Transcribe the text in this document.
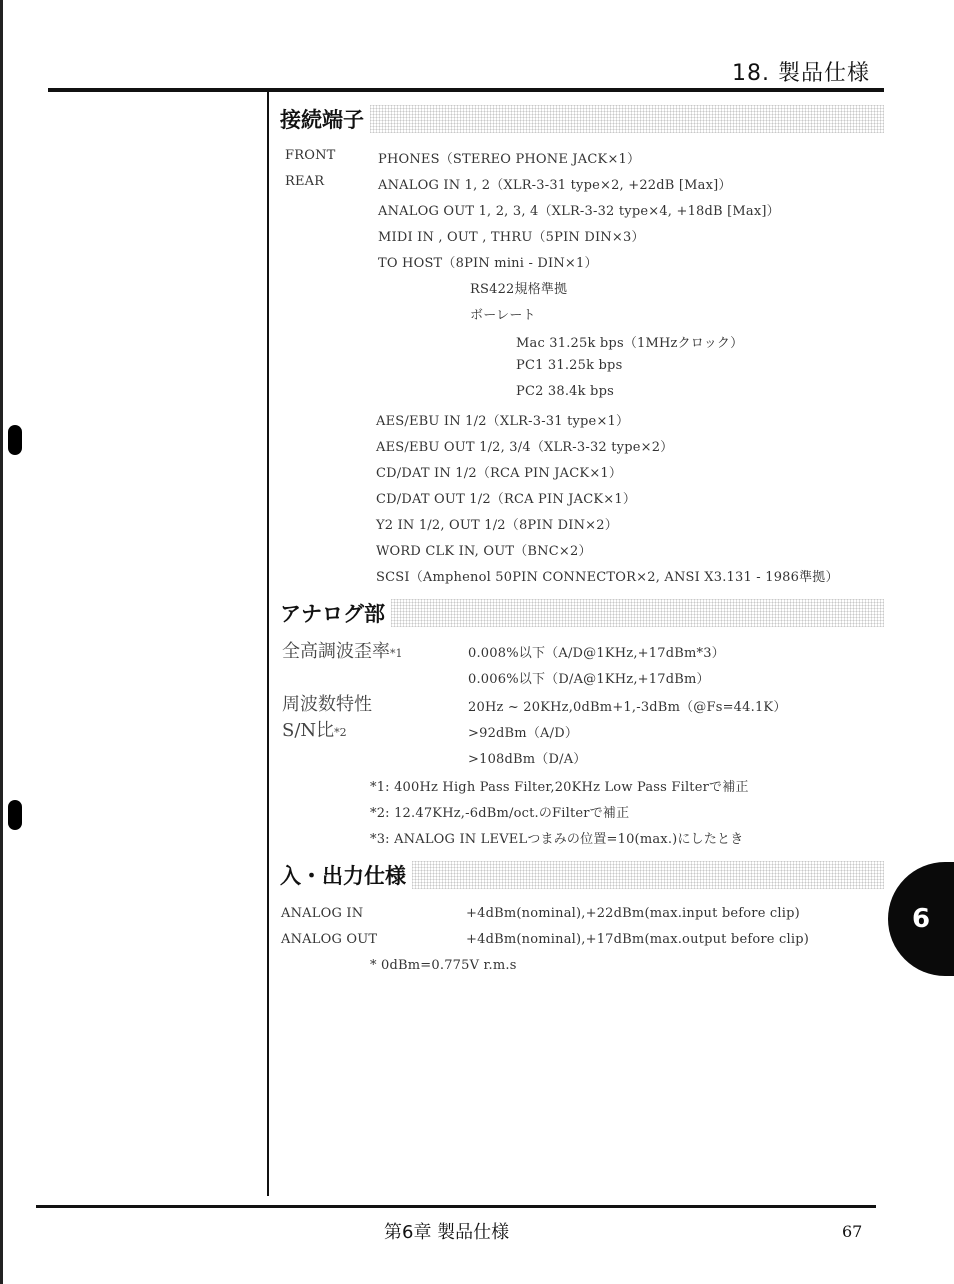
18. 製品仕様
接続端子
FRONT	PHONES（STEREO PHONE JACK×1）
REAR	ANALOG IN 1, 2（XLR-3-31 type×2, +22dB [Max]）
ANALOG OUT 1, 2, 3, 4（XLR-3-32 type×4, +18dB [Max]）
MIDI IN , OUT , THRU（5PIN DIN×3）
TO HOST（8PIN mini - DIN×1）
RS422規格準拠
ボーレート
Mac 31.25k bps（1MHzクロック）
PC1 31.25k bps
PC2 38.4k bps
AES/EBU IN 1/2（XLR-3-31 type×1）
AES/EBU OUT 1/2, 3/4（XLR-3-32 type×2）
CD/DAT IN 1/2（RCA PIN JACK×1）
CD/DAT OUT 1/2（RCA PIN JACK×1）
Y2 IN 1/2, OUT 1/2（8PIN DIN×2）
WORD CLK IN, OUT（BNC×2）
SCSI（Amphenol 50PIN CONNECTOR×2, ANSI X3.131 - 1986準拠）
アナログ部
全高調波歪率*1	0.008%以下（A/D@1KHz,+17dBm*3）
0.006%以下（D/A@1KHz,+17dBm）
周波数特性	20Hz ~ 20KHz,0dBm+1,-3dBm（@Fs=44.1K）
S/N比*2	>92dBm（A/D）
>108dBm（D/A）
*1: 400Hz High Pass Filter,20KHz Low Pass Filterで補正
*2: 12.47KHz,-6dBm/oct.のFilterで補正
*3: ANALOG IN LEVELつまみの位置=10(max.)にしたとき
入・出力仕様
ANALOG IN	+4dBm(nominal),+22dBm(max.input before clip)
ANALOG OUT	+4dBm(nominal),+17dBm(max.output before clip)
* 0dBm=0.775V r.m.s
6
第6章 製品仕様	67
